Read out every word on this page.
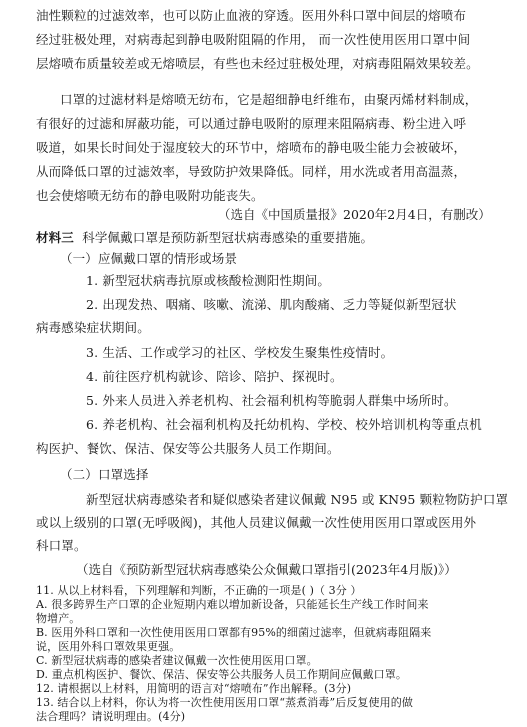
油性颗粒的过滤效率，也可以防止血液的穿透。医用外科口罩中间层的熔喷布
经过驻极处理，对病毒起到静电吸附阻隔的作用， 而一次性使用医用口罩中间
层熔喷布质量较差或无熔喷层，有些也未经过驻极处理，对病毒阻隔效果较差。
口罩的过滤材料是熔喷无纺布，它是超细静电纤维布，由聚丙烯材料制成，
有很好的过滤和屏蔽功能，可以通过静电吸附的原理来阻隔病毒、粉尘进入呼
吸道，如果长时间处于湿度较大的环节中，熔喷布的静电吸尘能力会被破坏，
从而降低口罩的过滤效率，导致防护效果降低。同样，用水洗或者用高温蒸，
也会使熔喷无纺布的静电吸附功能丧失。
（选自《中国质量报》2020年2月4日，有删改）
材料三 科学佩戴口罩是预防新型冠状病毒感染的重要措施。
（一）应佩戴口罩的情形或场景
1. 新型冠状病毒抗原或核酸检测阳性期间。
2. 出现发热、咽痛、咳嗽、流涕、肌肉酸痛、乏力等疑似新型冠状
病毒感染症状期间。
3. 生活、工作或学习的社区、学校发生聚集性疫情时。
4. 前往医疗机构就诊、陪诊、陪护、探视时。
5. 外来人员进入养老机构、社会福利机构等脆弱人群集中场所时。
6. 养老机构、社会福利机构及托幼机构、学校、校外培训机构等重点机
构医护、餐饮、保洁、保安等公共服务人员工作期间。
（二）口罩选择
新型冠状病毒感染者和疑似感染者建议佩戴 N95 或 KN95 颗粒物防护口罩
或以上级别的口罩(无呼吸阀)，其他人员建议佩戴一次性使用医用口罩或医用外
科口罩。
（选自《预防新型冠状病毒感染公众佩戴口罩指引(2023年4月版)》）
11. 从以上材料看，下列理解和判断，不正确的一项是( )（ 3分 ）
A. 很多跨界生产口罩的企业短期内难以增加新设备，只能延长生产线工作时间来
物增产。
B. 医用外科口罩和一次性使用医用口罩都有95%的细菌过滤率，但就病毒阻隔来
说，医用外科口罩效果更强。
C. 新型冠状病毒的感染者建议佩戴一次性使用医用口罩。
D. 重点机构医护、餐饮、保洁、保安等公共服务人员工作期间应佩戴口罩。
12. 请根据以上材料，用简明的语言对“熔喷布”作出解释。(3分)
13. 结合以上材料，你认为将一次性使用医用口罩“蒸煮消毒”后反复使用的做
法合理吗？请说明理由。(4分)
